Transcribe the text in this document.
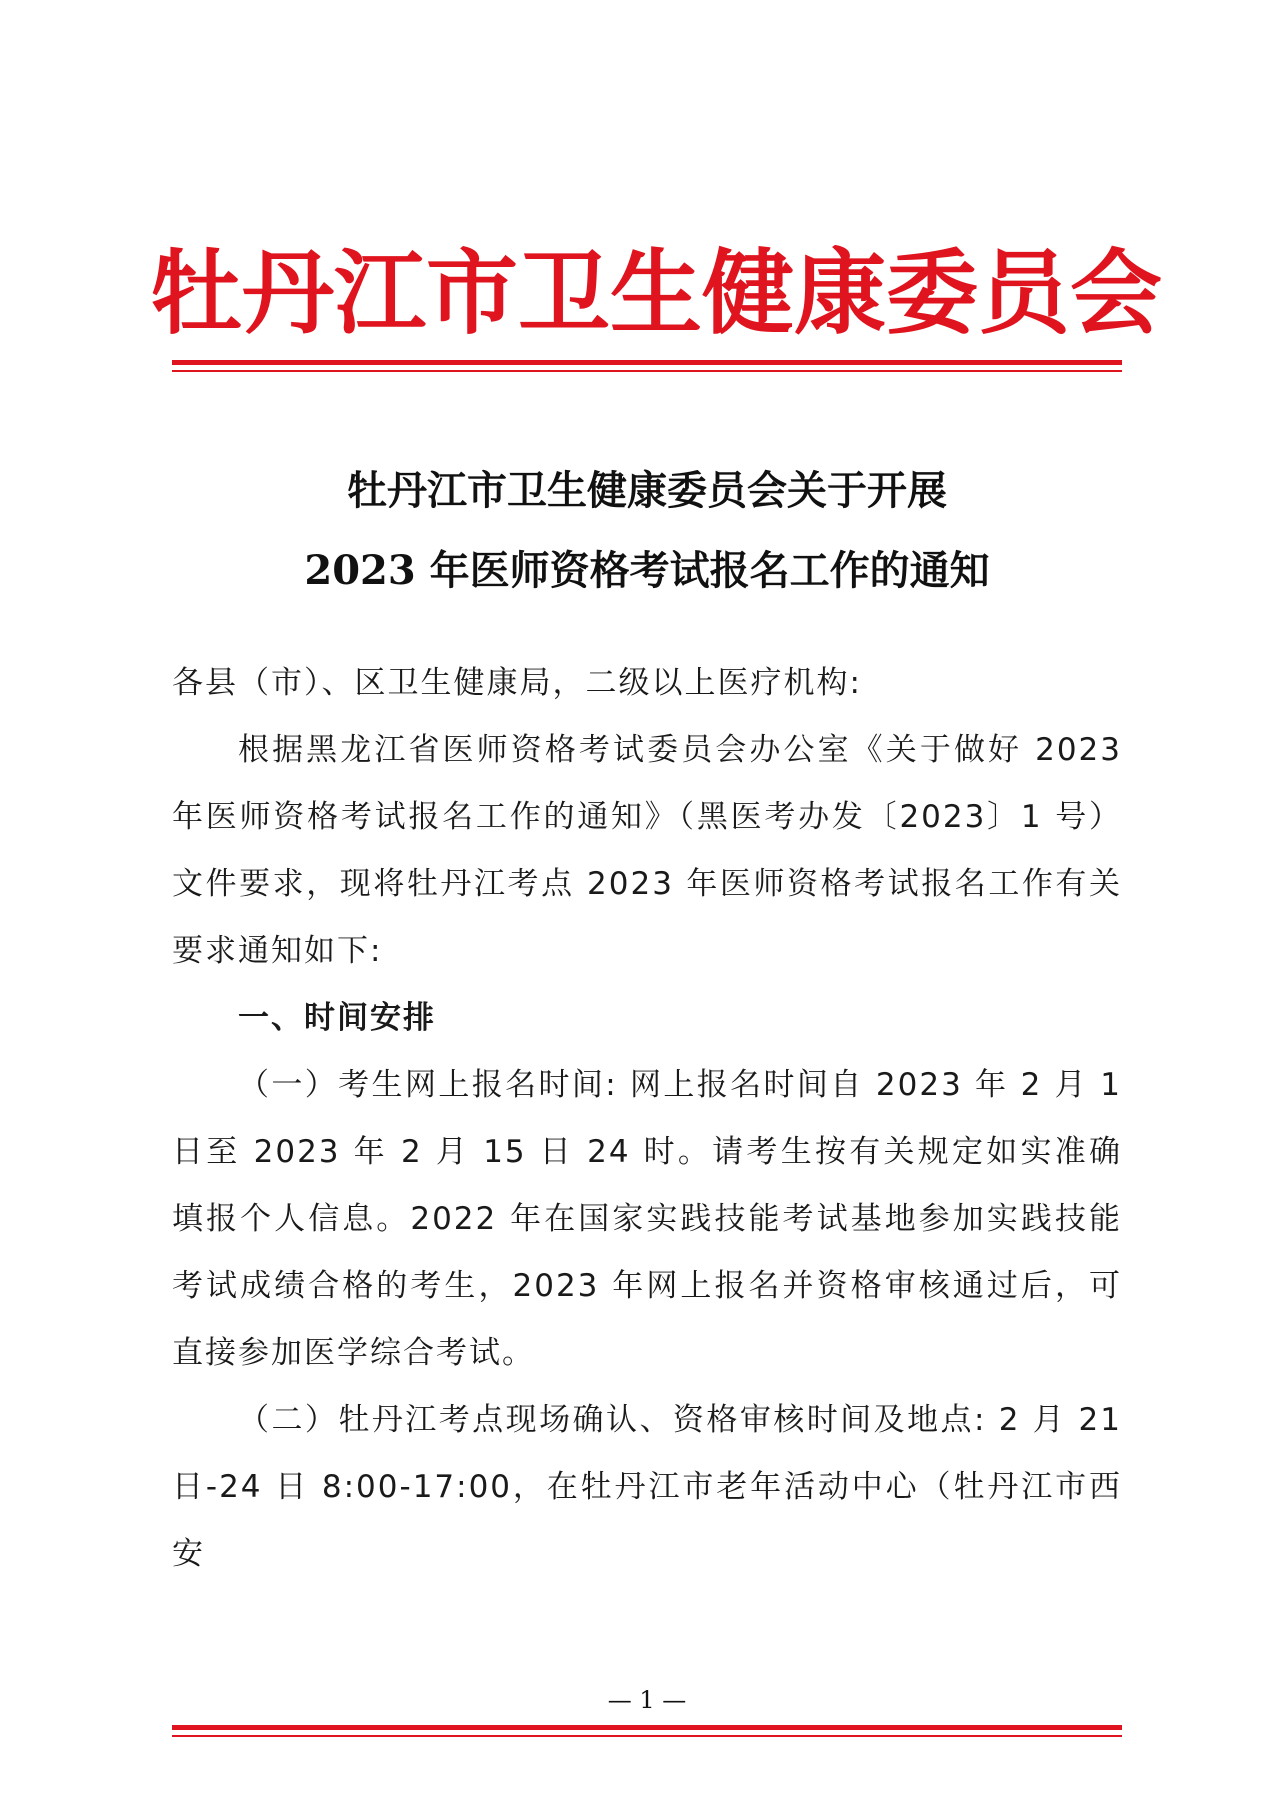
牡丹江市卫生健康委员会
牡丹江市卫生健康委员会关于开展
2023 年医师资格考试报名工作的通知

各县（市）、区卫生健康局，二级以上医疗机构:

根据黑龙江省医师资格考试委员会办公室《关于做好 2023 年医师资格考试报名工作的通知》（黑医考办发〔2023〕1 号）文件要求，现将牡丹江考点 2023 年医师资格考试报名工作有关要求通知如下:

一、时间安排

（一）考生网上报名时间: 网上报名时间自 2023 年 2 月 1 日至 2023 年 2 月 15 日 24 时。请考生按有关规定如实准确填报个人信息。2022 年在国家实践技能考试基地参加实践技能考试成绩合格的考生，2023 年网上报名并资格审核通过后，可直接参加医学综合考试。

（二）牡丹江考点现场确认、资格审核时间及地点: 2 月 21 日-24 日 8:00-17:00，在牡丹江市老年活动中心（牡丹江市西安

— 1 —
